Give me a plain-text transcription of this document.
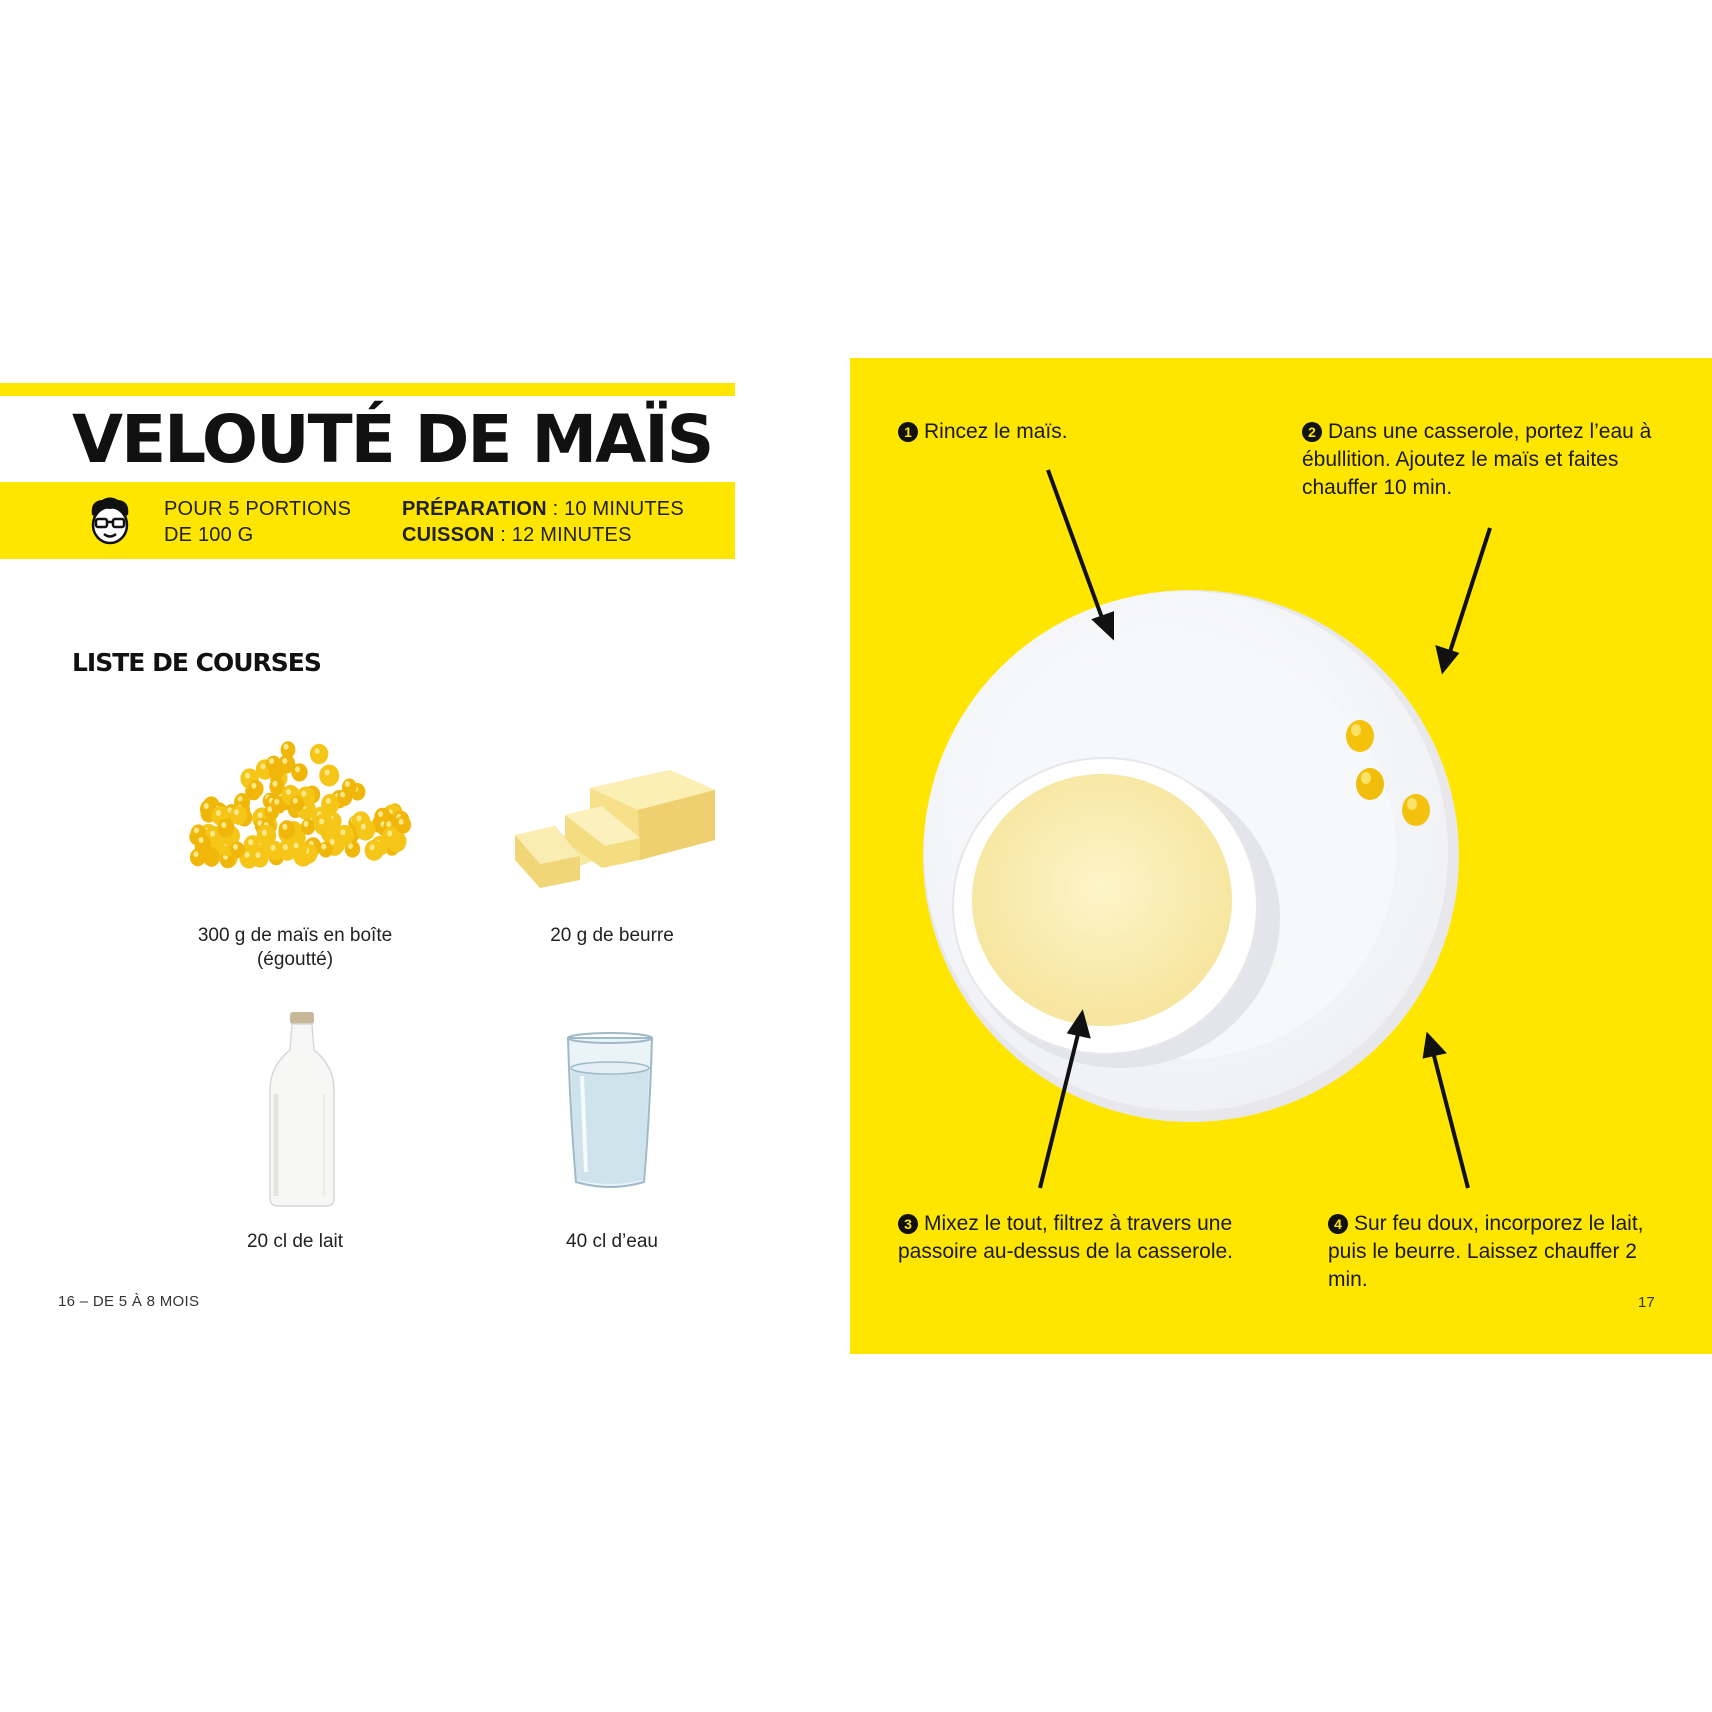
VELOUTÉ DE MAÏS
POUR 5 PORTIONS
DE 100 G
PRÉPARATION : 10 MINUTES
CUISSON : 12 MINUTES
LISTE DE COURSES
300 g de maïs en boîte (égoutté)
20 g de beurre
20 cl de lait	40 cl d’eau
16 – DE 5 À 8 MOIS
1 Rincez le maïs.	2 Dans une casserole, portez l’eau à ébullition. Ajoutez le maïs et faites chauffer 10 min.
3 Mixez le tout, filtrez à travers une passoire au-dessus de la casserole.
4 Sur feu doux, incorporez le lait, puis le beurre. Laissez chauffer 2 min.
17
